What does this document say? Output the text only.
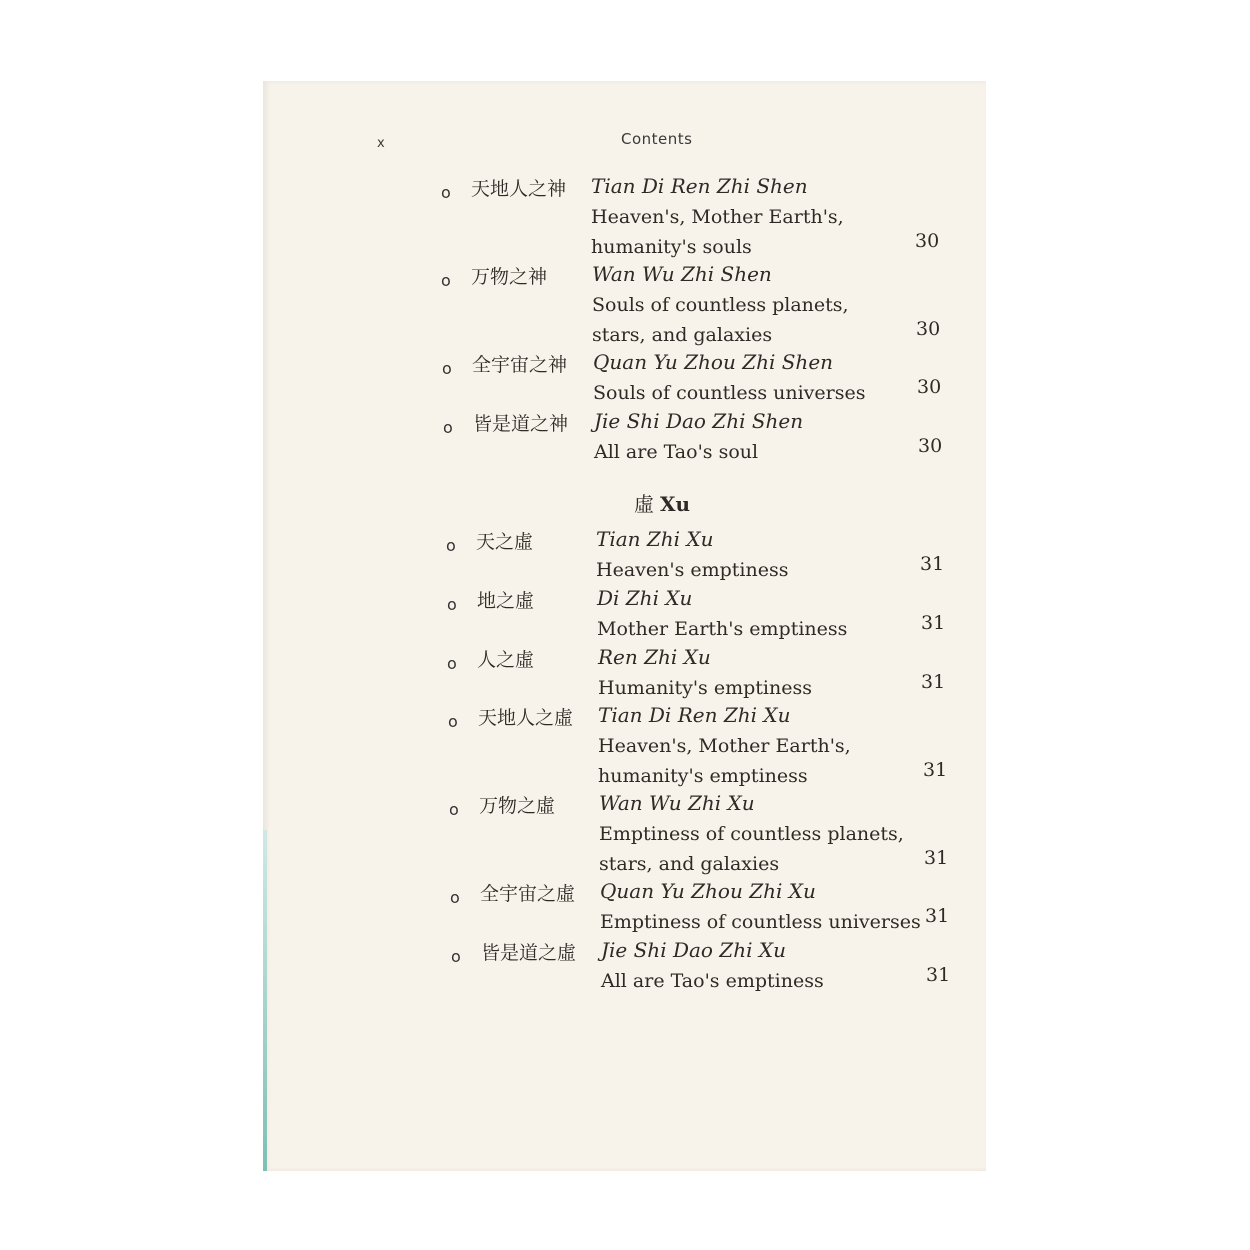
x	Contents
虛 Xu
o 天地人之神 Tian Di Ren Zhi Shen
Heaven's, Mother Earth's,
humanity's souls	30
o 万物之神 Wan Wu Zhi Shen
Souls of countless planets,
stars, and galaxies	30
o 全宇宙之神 Quan Yu Zhou Zhi Shen
Souls of countless universes	30
o 皆是道之神 Jie Shi Dao Zhi Shen
All are Tao's soul	30
o 天之虛	Tian Zhi Xu
Heaven's emptiness	31
o 地之虛	Di Zhi Xu
Mother Earth's emptiness	31
o 人之虛	Ren Zhi Xu
Humanity's emptiness	31
o 天地人之虛 Tian Di Ren Zhi Xu
Heaven's, Mother Earth's,
humanity's emptiness	31
o 万物之虛 Wan Wu Zhi Xu
Emptiness of countless planets,
stars, and galaxies	31
o 全宇宙之虛 Quan Yu Zhou Zhi Xu
Emptiness of countless universes 31
o 皆是道之虛 Jie Shi Dao Zhi Xu
All are Tao's emptiness	31
